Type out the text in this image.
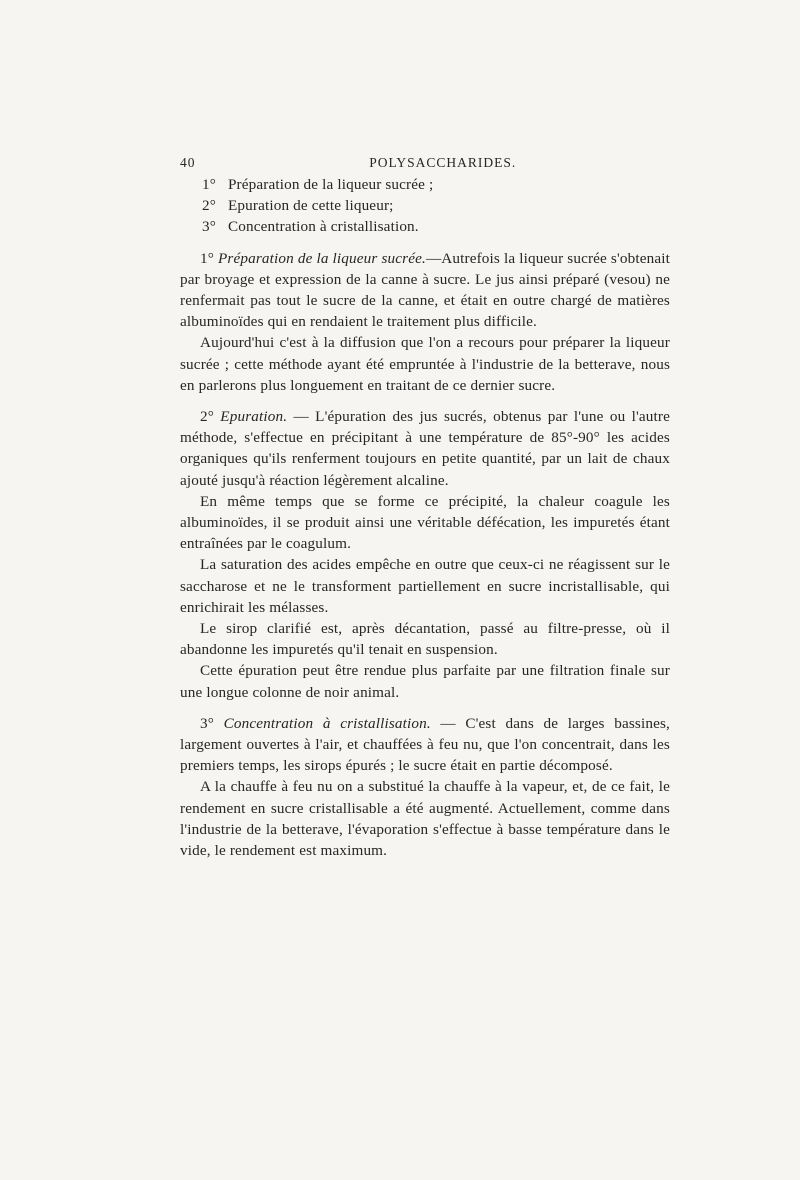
40	POLYSACCHARIDES.
1° Préparation de la liqueur sucrée ;
2° Epuration de cette liqueur;
3° Concentration à cristallisation.

1° Préparation de la liqueur sucrée.—Autrefois la liqueur sucrée s'obtenait par broyage et expression de la canne à sucre. Le jus ainsi préparé (vesou) ne renfermait pas tout le sucre de la canne, et était en outre chargé de matières albuminoïdes qui en rendaient le traitement plus difficile.

Aujourd'hui c'est à la diffusion que l'on a recours pour préparer la liqueur sucrée ; cette méthode ayant été empruntée à l'industrie de la betterave, nous en parlerons plus longuement en traitant de ce dernier sucre.

2° Epuration. — L'épuration des jus sucrés, obtenus par l'une ou l'autre méthode, s'effectue en précipitant à une température de 85°-90° les acides organiques qu'ils renferment toujours en petite quantité, par un lait de chaux ajouté jusqu'à réaction légèrement alcaline.

En même temps que se forme ce précipité, la chaleur coagule les albuminoïdes, il se produit ainsi une véritable défécation, les impuretés étant entraînées par le coagulum.

La saturation des acides empêche en outre que ceux-ci ne réagissent sur le saccharose et ne le transforment partiellement en sucre incristallisable, qui enrichirait les mélasses.

Le sirop clarifié est, après décantation, passé au filtre-presse, où il abandonne les impuretés qu'il tenait en suspension.

Cette épuration peut être rendue plus parfaite par une filtration finale sur une longue colonne de noir animal.

3° Concentration à cristallisation. — C'est dans de larges bassines, largement ouvertes à l'air, et chauffées à feu nu, que l'on concentrait, dans les premiers temps, les sirops épurés ; le sucre était en partie décomposé.

A la chauffe à feu nu on a substitué la chauffe à la vapeur, et, de ce fait, le rendement en sucre cristallisable a été augmenté. Actuellement, comme dans l'industrie de la betterave, l'évaporation s'effectue à basse température dans le vide, le rendement est maximum.
